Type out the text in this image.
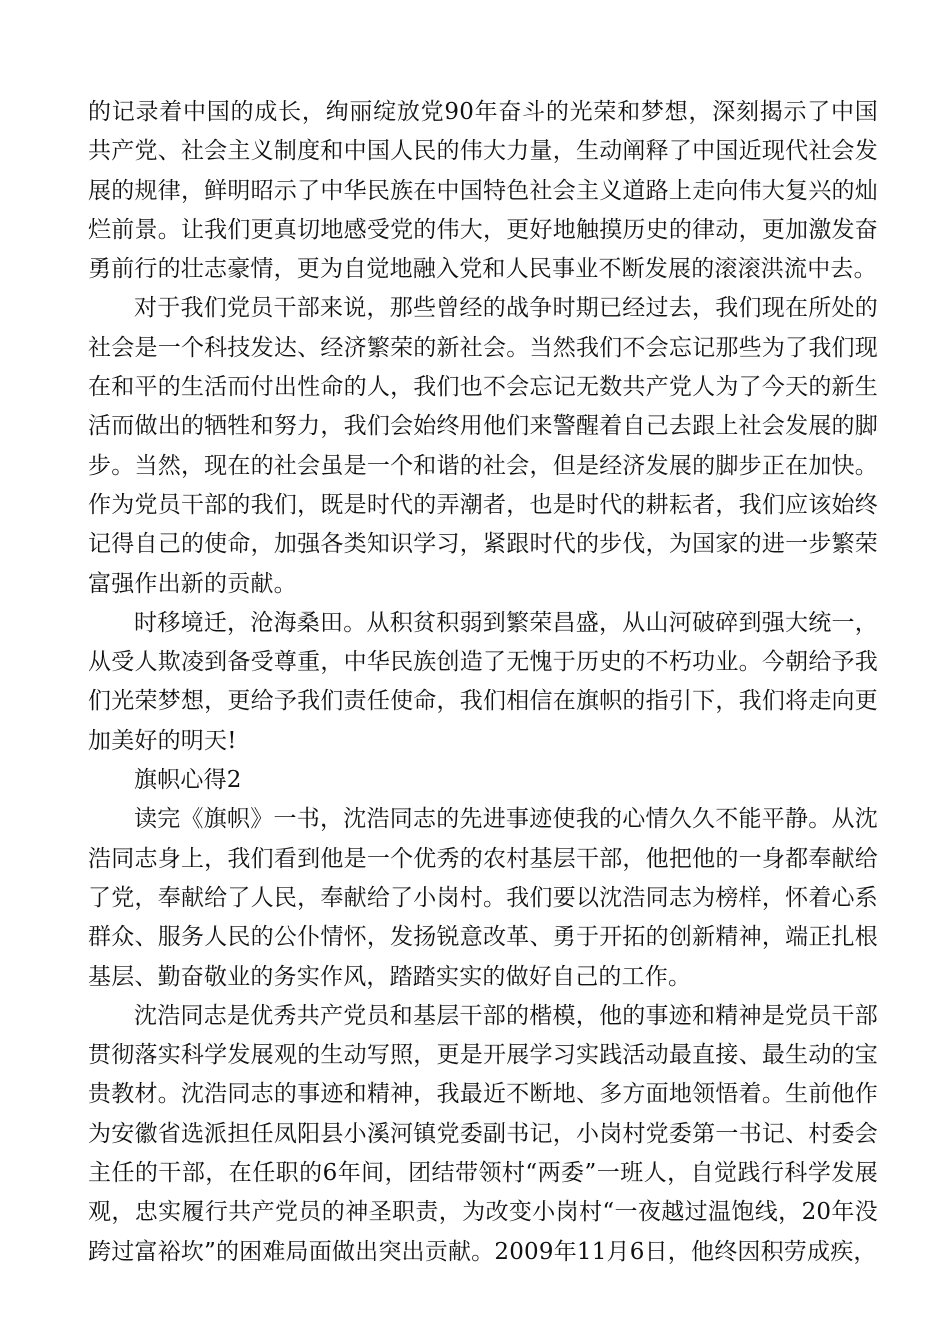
的记录着中国的成长，绚丽绽放党90年奋斗的光荣和梦想，深刻揭示了中国共产党、社会主义制度和中国人民的伟大力量，生动阐释了中国近现代社会发展的规律，鲜明昭示了中华民族在中国特色社会主义道路上走向伟大复兴的灿烂前景。让我们更真切地感受党的伟大，更好地触摸历史的律动，更加激发奋勇前行的壮志豪情，更为自觉地融入党和人民事业不断发展的滚滚洪流中去。

对于我们党员干部来说，那些曾经的战争时期已经过去，我们现在所处的社会是一个科技发达、经济繁荣的新社会。当然我们不会忘记那些为了我们现在和平的生活而付出性命的人，我们也不会忘记无数共产党人为了今天的新生活而做出的牺牲和努力，我们会始终用他们来警醒着自己去跟上社会发展的脚步。当然，现在的社会虽是一个和谐的社会，但是经济发展的脚步正在加快。作为党员干部的我们，既是时代的弄潮者，也是时代的耕耘者，我们应该始终记得自己的使命，加强各类知识学习，紧跟时代的步伐，为国家的进一步繁荣富强作出新的贡献。

时移境迁，沧海桑田。从积贫积弱到繁荣昌盛，从山河破碎到强大统一，从受人欺凌到备受尊重，中华民族创造了无愧于历史的不朽功业。今朝给予我们光荣梦想，更给予我们责任使命，我们相信在旗帜的指引下，我们将走向更加美好的明天!

旗帜心得2

读完《旗帜》一书，沈浩同志的先进事迹使我的心情久久不能平静。从沈浩同志身上，我们看到他是一个优秀的农村基层干部，他把他的一身都奉献给了党，奉献给了人民，奉献给了小岗村。我们要以沈浩同志为榜样，怀着心系群众、服务人民的公仆情怀，发扬锐意改革、勇于开拓的创新精神，端正扎根基层、勤奋敬业的务实作风，踏踏实实的做好自己的工作。

沈浩同志是优秀共产党员和基层干部的楷模，他的事迹和精神是党员干部贯彻落实科学发展观的生动写照，更是开展学习实践活动最直接、最生动的宝贵教材。沈浩同志的事迹和精神，我最近不断地、多方面地领悟着。生前他作为安徽省选派担任凤阳县小溪河镇党委副书记，小岗村党委第一书记、村委会主任的干部，在任职的6年间，团结带领村“两委”一班人，自觉践行科学发展观，忠实履行共产党员的神圣职责，为改变小岗村“一夜越过温饱线，20年没跨过富裕坎”的困难局面做出突出贡献。2009年11月6日，他终因积劳成疾，
